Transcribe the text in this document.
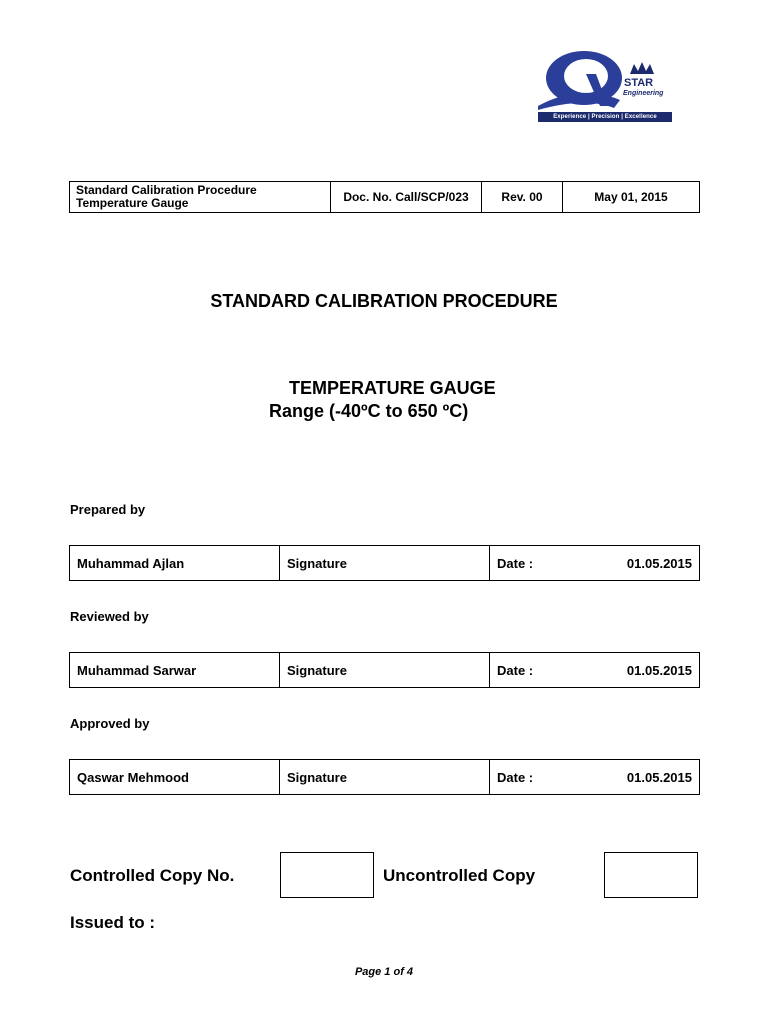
STAR
Engineering
Experience | Precision | Excellence
Standard Calibration Procedure
Temperature Gauge	Doc. No. Call/SCP/023	Rev. 00	May 01, 2015
STANDARD CALIBRATION PROCEDURE
TEMPERATURE GAUGE
Range (-40ºC to 650 ºC)
Prepared by
Muhammad Ajlan	Signature	Date :	01.05.2015
Reviewed by
Muhammad Sarwar	Signature	Date :	01.05.2015
Approved by
Qaswar Mehmood	Signature	Date :	01.05.2015
Controlled Copy No.	Uncontrolled Copy
Issued to :
Page 1 of 4
